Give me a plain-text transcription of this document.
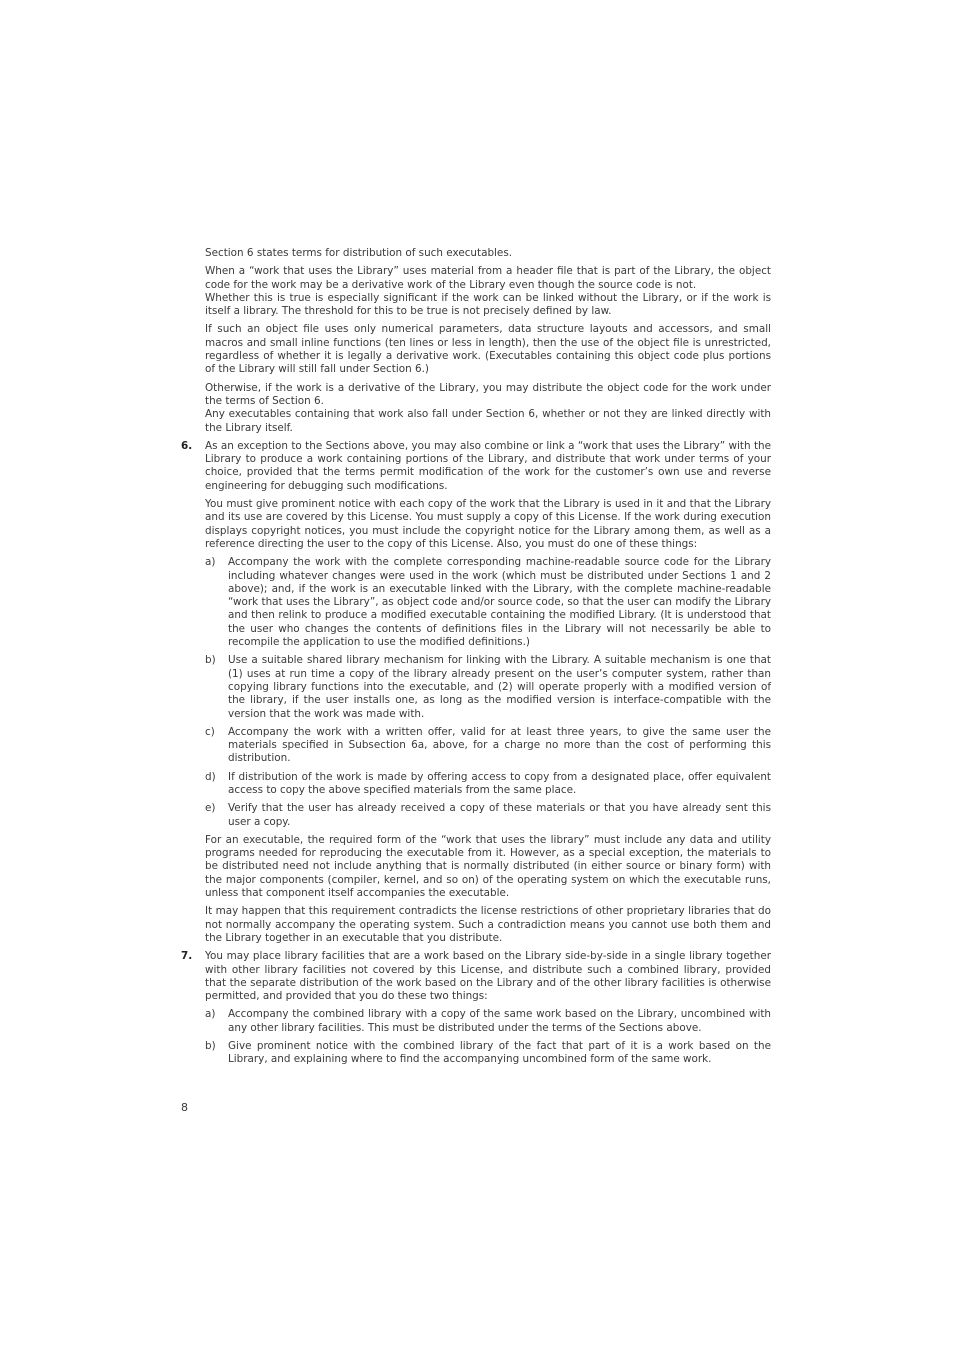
Section 6 states terms for distribution of such executables.

When a “work that uses the Library” uses material from a header file that is part of the Library, the object code for the work may be a derivative work of the Library even though the source code is not.

Whether this is true is especially significant if the work can be linked without the Library, or if the work is itself a library. The threshold for this to be true is not precisely defined by law.

If such an object file uses only numerical parameters, data structure layouts and accessors, and small macros and small inline functions (ten lines or less in length), then the use of the object file is unrestricted, regardless of whether it is legally a derivative work. (Executables containing this object code plus portions of the Library will still fall under Section 6.)

Otherwise, if the work is a derivative of the Library, you may distribute the object code for the work under the terms of Section 6.

Any executables containing that work also fall under Section 6, whether or not they are linked directly with the Library itself.

6. As an exception to the Sections above, you may also combine or link a “work that uses the Library” with the Library to produce a work containing portions of the Library, and distribute that work under terms of your choice, provided that the terms permit modification of the work for the customer’s own use and reverse engineering for debugging such modifications.

You must give prominent notice with each copy of the work that the Library is used in it and that the Library and its use are covered by this License. You must supply a copy of this License. If the work during execution displays copyright notices, you must include the copyright notice for the Library among them, as well as a reference directing the user to the copy of this License. Also, you must do one of these things:

a) Accompany the work with the complete corresponding machine-readable source code for the Library including whatever changes were used in the work (which must be distributed under Sections 1 and 2 above); and, if the work is an executable linked with the Library, with the complete machine-readable “work that uses the Library”, as object code and/or source code, so that the user can modify the Library and then relink to produce a modified executable containing the modified Library. (It is understood that the user who changes the contents of definitions files in the Library will not necessarily be able to recompile the application to use the modified definitions.)
b) Use a suitable shared library mechanism for linking with the Library. A suitable mechanism is one that (1) uses at run time a copy of the library already present on the user’s computer system, rather than copying library functions into the executable, and (2) will operate properly with a modified version of the library, if the user installs one, as long as the modified version is interface-compatible with the version that the work was made with.
c) Accompany the work with a written offer, valid for at least three years, to give the same user the materials specified in Subsection 6a, above, for a charge no more than the cost of performing this distribution.
d) If distribution of the work is made by offering access to copy from a designated place, offer equivalent access to copy the above specified materials from the same place.
e) Verify that the user has already received a copy of these materials or that you have already sent this user a copy.

For an executable, the required form of the “work that uses the library” must include any data and utility programs needed for reproducing the executable from it. However, as a special exception, the materials to be distributed need not include anything that is normally distributed (in either source or binary form) with the major components (compiler, kernel, and so on) of the operating system on which the executable runs, unless that component itself accompanies the executable.

It may happen that this requirement contradicts the license restrictions of other proprietary libraries that do not normally accompany the operating system. Such a contradiction means you cannot use both them and the Library together in an executable that you distribute.

7. You may place library facilities that are a work based on the Library side-by-side in a single library together with other library facilities not covered by this License, and distribute such a combined library, provided that the separate distribution of the work based on the Library and of the other library facilities is otherwise permitted, and provided that you do these two things:
a) Accompany the combined library with a copy of the same work based on the Library, uncombined with any other library facilities. This must be distributed under the terms of the Sections above.
b) Give prominent notice with the combined library of the fact that part of it is a work based on the Library, and explaining where to find the accompanying uncombined form of the same work.
8
